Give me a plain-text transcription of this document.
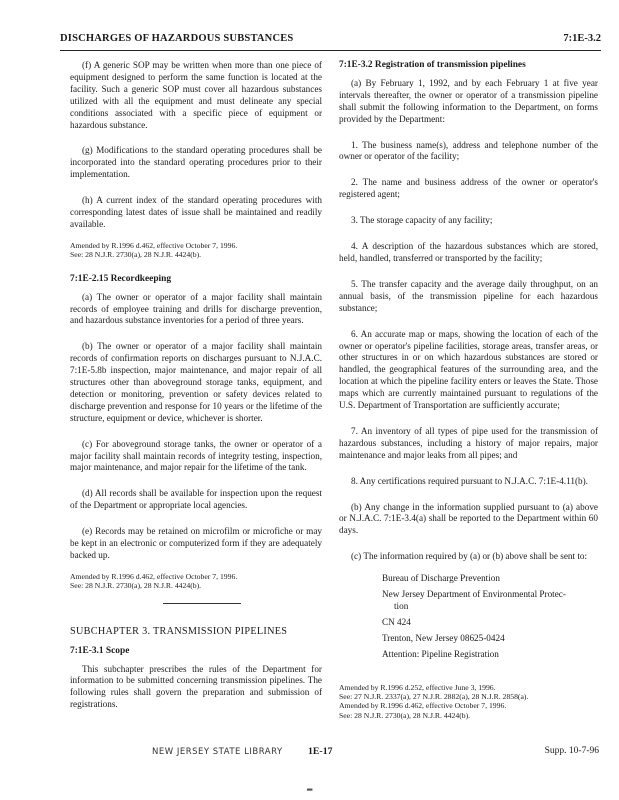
DISCHARGES OF HAZARDOUS SUBSTANCES	7:1E-3.2

(f) A generic SOP may be written when more than one piece of equipment designed to perform the same function is located at the facility. Such a generic SOP must cover all hazardous substances utilized with all the equipment and must delineate any special conditions associated with a specific piece of equipment or hazardous substance.

(g) Modifications to the standard operating procedures shall be incorporated into the standard operating procedures prior to their implementation.

(h) A current index of the standard operating procedures with corresponding latest dates of issue shall be maintained and readily available.

Amended by R.1996 d.462, effective October 7, 1996.
See: 28 N.J.R. 2730(a), 28 N.J.R. 4424(b).
7:1E-2.15 Recordkeeping

(a) The owner or operator of a major facility shall maintain records of employee training and drills for discharge prevention, and hazardous substance inventories for a period of three years.

(b) The owner or operator of a major facility shall maintain records of confirmation reports on discharges pursuant to N.J.A.C. 7:1E-5.8b inspection, major maintenance, and major repair of all structures other than aboveground storage tanks, equipment, and detection or monitoring, prevention or safety devices related to discharge prevention and response for 10 years or the lifetime of the structure, equipment or device, whichever is shorter.

(c) For aboveground storage tanks, the owner or operator of a major facility shall maintain records of integrity testing, inspection, major maintenance, and major repair for the lifetime of the tank.

(d) All records shall be available for inspection upon the request of the Department or appropriate local agencies.

(e) Records may be retained on microfilm or microfiche or may be kept in an electronic or computerized form if they are adequately backed up.

Amended by R.1996 d.462, effective October 7, 1996.
See: 28 N.J.R. 2730(a), 28 N.J.R. 4424(b).
SUBCHAPTER 3. TRANSMISSION PIPELINES
7:1E-3.1 Scope

This subchapter prescribes the rules of the Department for information to be submitted concerning transmission pipelines. The following rules shall govern the preparation and submission of registrations.

7:1E-3.2 Registration of transmission pipelines

(a) By February 1, 1992, and by each February 1 at five year intervals thereafter, the owner or operator of a transmission pipeline shall submit the following information to the Department, on forms provided by the Department:

1. The business name(s), address and telephone number of the owner or operator of the facility;

2. The name and business address of the owner or operator's registered agent;

3. The storage capacity of any facility;

4. A description of the hazardous substances which are stored, held, handled, transferred or transported by the facility;

5. The transfer capacity and the average daily throughput, on an annual basis, of the transmission pipeline for each hazardous substance;

6. An accurate map or maps, showing the location of each of the owner or operator's pipeline facilities, storage areas, transfer areas, or other structures in or on which hazardous substances are stored or handled, the geographical features of the surrounding area, and the location at which the pipeline facility enters or leaves the State. Those maps which are currently maintained pursuant to regulations of the U.S. Department of Transportation are sufficiently accurate;

7. An inventory of all types of pipe used for the transmission of hazardous substances, including a history of major repairs, major maintenance and major leaks from all pipes; and

8. Any certifications required pursuant to N.J.A.C. 7:1E-4.11(b).

(b) Any change in the information supplied pursuant to (a) above or N.J.A.C. 7:1E-3.4(a) shall be reported to the Department within 60 days.

(c) The information required by (a) or (b) above shall be sent to:

Bureau of Discharge Prevention
New Jersey Department of Environmental Protec-
tion
CN 424
Trenton, New Jersey 08625-0424
Attention: Pipeline Registration
Amended by R.1996 d.252, effective June 3, 1996.
See: 27 N.J.R. 2337(a), 27 N.J.R. 2882(a), 28 N.J.R. 2858(a).
Amended by R.1996 d.462, effective October 7, 1996.
See: 28 N.J.R. 2730(a), 28 N.J.R. 4424(b).
NEW JERSEY STATE LIBRARY	1E-17	Supp. 10-7-96
▂
